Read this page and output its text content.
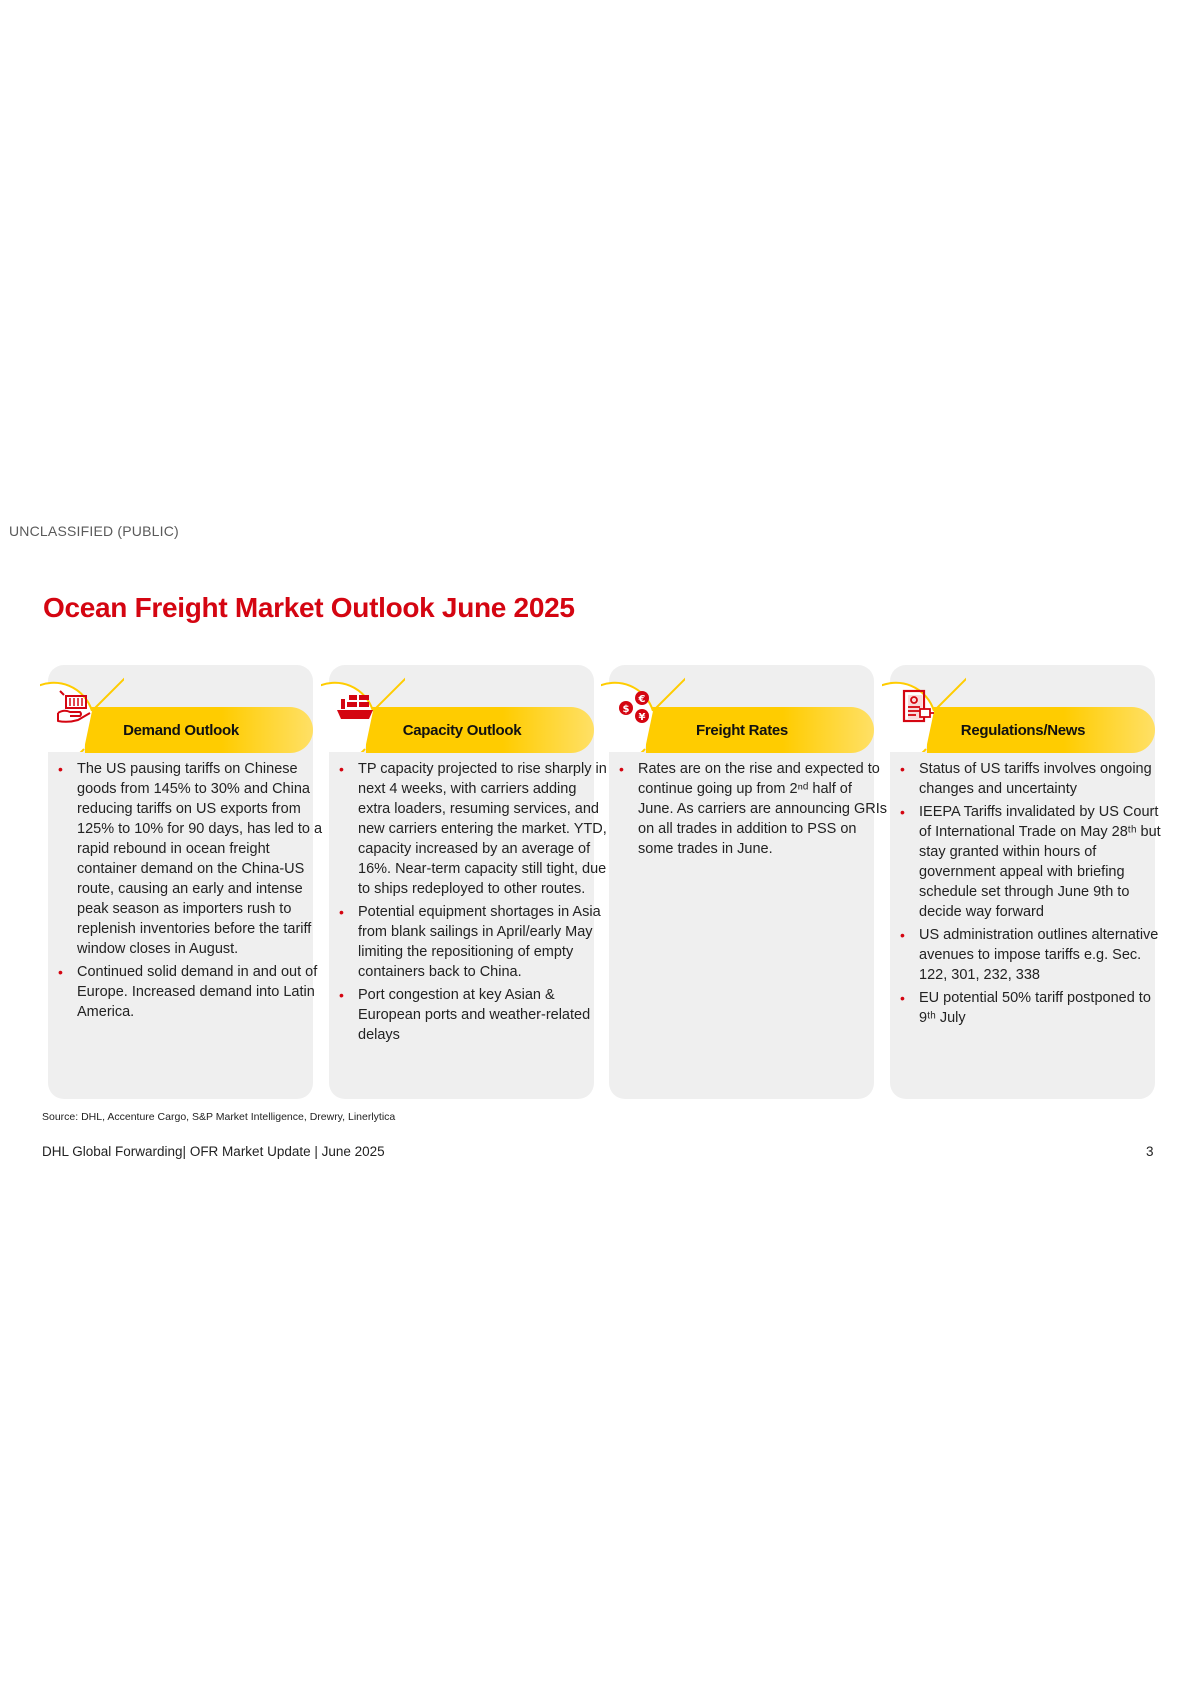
UNCLASSIFIED (PUBLIC)
Ocean Freight Market Outlook June 2025
Demand Outlook
• The US pausing tariffs on Chinese goods from 145% to 30% and China reducing tariffs on US exports from 125% to 10% for 90 days, has led to a rapid rebound in ocean freight container demand on the China-US route, causing an early and intense peak season as importers rush to replenish inventories before the tariff window closes in August.
• Continued solid demand in and out of Europe. Increased demand into Latin America.
Capacity Outlook
• TP capacity projected to rise sharply in next 4 weeks, with carriers adding extra loaders, resuming services, and new carriers entering the market. YTD, capacity increased by an average of 16%. Near-term capacity still tight, due to ships redeployed to other routes.
• Potential equipment shortages in Asia from blank sailings in April/early May limiting the repositioning of empty containers back to China.
• Port congestion at key Asian & European ports and weather-related delays
$
€
¥
Freight Rates
• Rates are on the rise and expected to continue going up from 2ⁿᵈ half of June. As carriers are announcing GRIs on all trades in addition to PSS on some trades in June.
Regulations/News
• Status of US tariffs involves ongoing changes and uncertainty
• IEEPA Tariffs invalidated by US Court of International Trade on May 28ᵗʰ but stay granted within hours of government appeal with briefing schedule set through June 9th to decide way forward
• US administration outlines alternative avenues to impose tariffs e.g. Sec. 122, 301, 232, 338
• EU potential 50% tariff postponed to 9ᵗʰ July
Source: DHL, Accenture Cargo, S&P Market Intelligence, Drewry, Linerlytica
DHL Global Forwarding| OFR Market Update | June 2025	3
